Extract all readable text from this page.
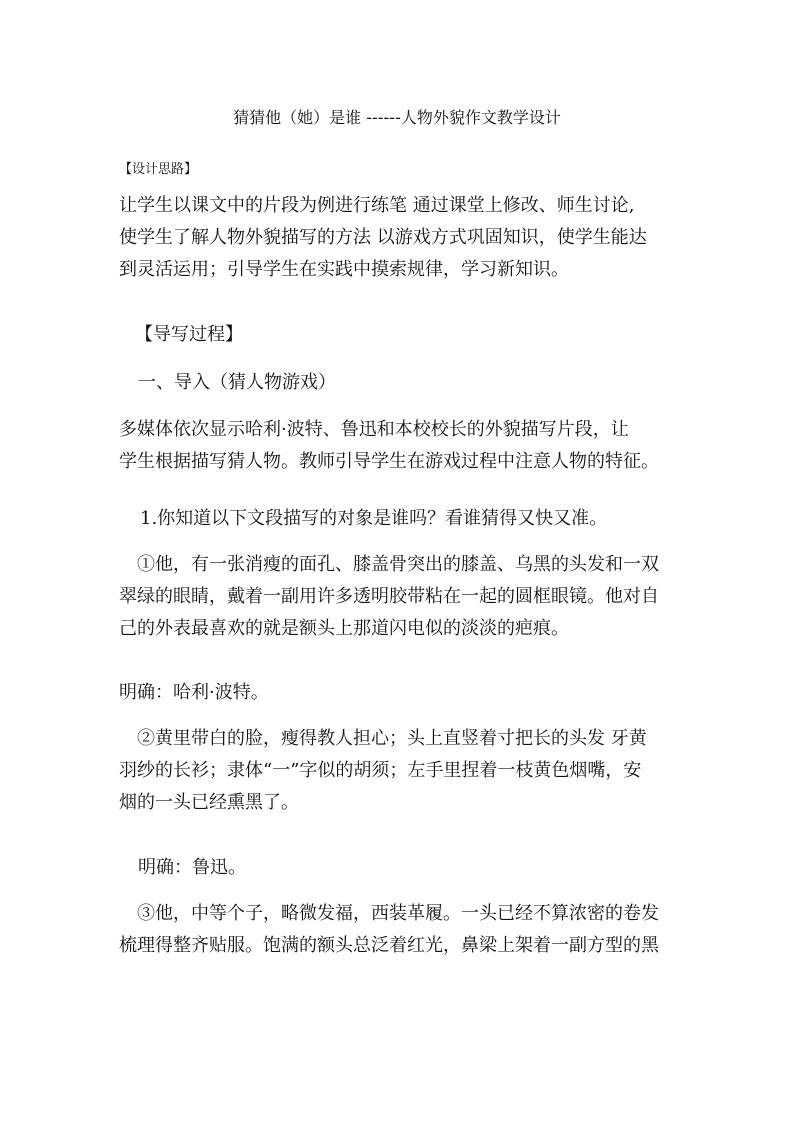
猜猜他（她）是谁 ------人物外貌作文教学设计
【设计思路】
让学生以课文中的片段为例进行练笔 通过课堂上修改、师生讨论,
使学生了解人物外貌描写的方法 以游戏方式巩固知识，使学生能达
到灵活运用；引导学生在实践中摸索规律，学习新知识。
【导写过程】
一、导入（猜人物游戏）
多媒体依次显示哈利·波特、鲁迅和本校校长的外貌描写片段，让
学生根据描写猜人物。教师引导学生在游戏过程中注意人物的特征。
1.你知道以下文段描写的对象是谁吗？看谁猜得又快又准。
①他，有一张消瘦的面孔、膝盖骨突出的膝盖、乌黑的头发和一双
翠绿的眼睛，戴着一副用许多透明胶带粘在一起的圆框眼镜。他对自
己的外表最喜欢的就是额头上那道闪电似的淡淡的疤痕。
明确：哈利·波特。
②黄里带白的脸，瘦得教人担心；头上直竖着寸把长的头发 牙黄
羽纱的长衫；隶体“一”字似的胡须；左手里捏着一枝黄色烟嘴，安
烟的一头已经熏黑了。
明确：鲁迅。
③他，中等个子，略微发福，西装革履。一头已经不算浓密的卷发
梳理得整齐贴服。饱满的额头总泛着红光，鼻梁上架着一副方型的黑
